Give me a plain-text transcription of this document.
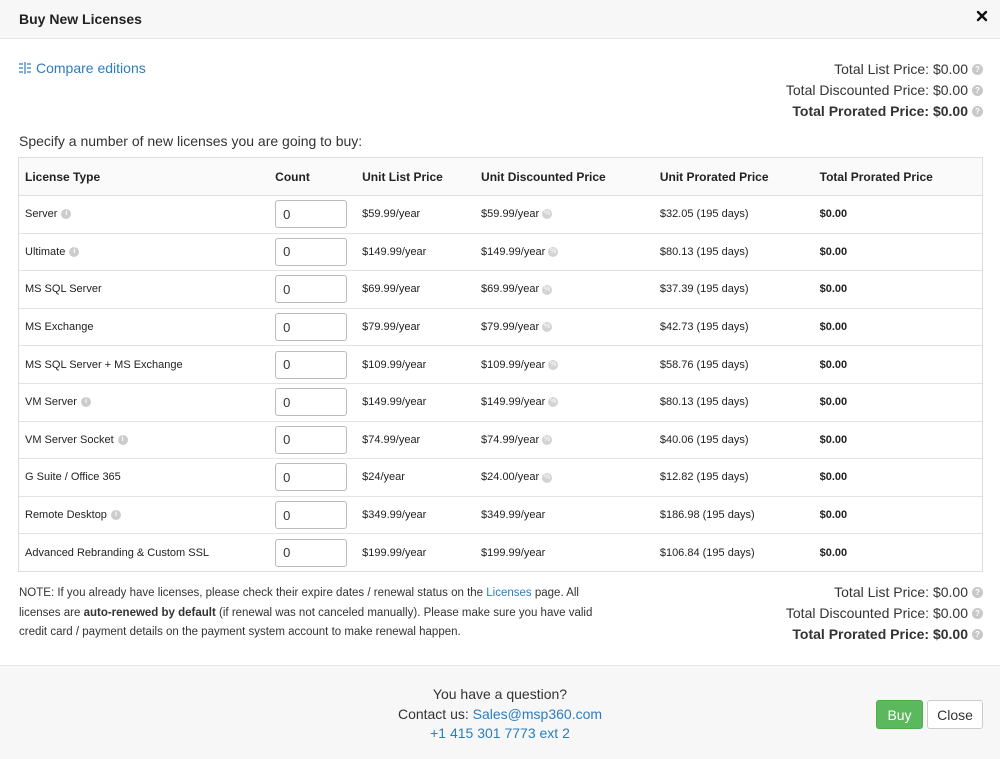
Buy New Licenses
Compare editions	Total List Price: $0.00 ?
Total Discounted Price: $0.00 ?
Total Prorated Price: $0.00 ?
Specify a number of new licenses you are going to buy:
License Type	Count	Unit List Price	Unit Discounted Price	Unit Prorated Price	Total Prorated Price
Server i	0	$59.99/year	$59.99/year %	$32.05 (195 days)	$0.00
Ultimate i	0	$149.99/year	$149.99/year %	$80.13 (195 days)	$0.00
MS SQL Server	0	$69.99/year	$69.99/year %	$37.39 (195 days)	$0.00
MS Exchange	0	$79.99/year	$79.99/year %	$42.73 (195 days)	$0.00
MS SQL Server + MS Exchange	0	$109.99/year	$109.99/year %	$58.76 (195 days)	$0.00
VM Server i	0	$149.99/year	$149.99/year %	$80.13 (195 days)	$0.00
VM Server Socket i	0	$74.99/year	$74.99/year %	$40.06 (195 days)	$0.00
G Suite / Office 365	0	$24/year	$24.00/year %	$12.82 (195 days)	$0.00
Remote Desktop i	0	$349.99/year	$349.99/year	$186.98 (195 days)	$0.00
Advanced Rebranding & Custom SSL	0	$199.99/year	$199.99/year	$106.84 (195 days)	$0.00
NOTE: If you already have licenses, please check their expire dates / renewal status on the Licenses page. All licenses are auto-renewed by default (if renewal was not canceled manually). Please make sure you have valid credit card / payment details on the payment system account to make renewal happen.
Total List Price: $0.00 ?
Total Discounted Price: $0.00 ?
Total Prorated Price: $0.00 ?
You have a question?
Contact us: Sales@msp360.com
+1 415 301 7773 ext 2
Buy	Close
